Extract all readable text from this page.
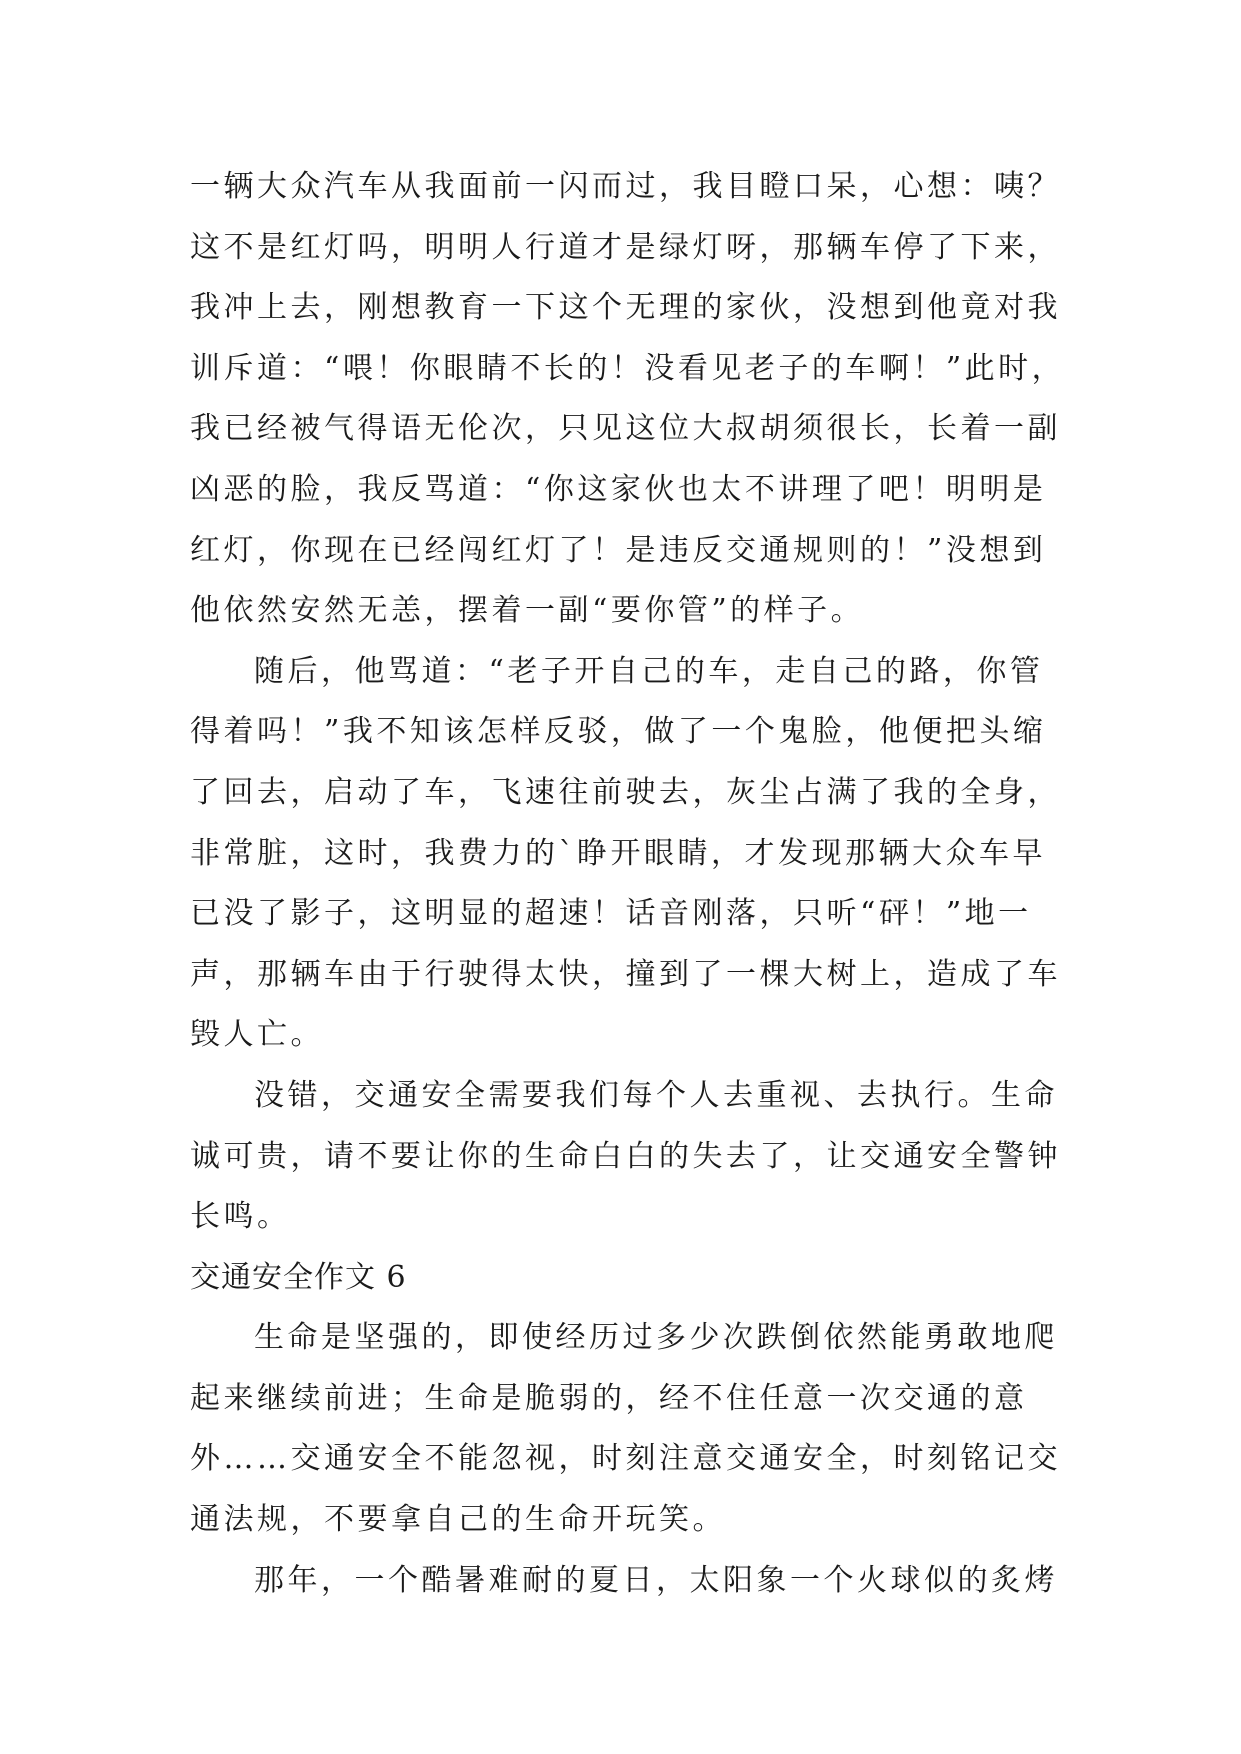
一辆大众汽车从我面前一闪而过，我目瞪口呆，心想：咦？
这不是红灯吗，明明人行道才是绿灯呀，那辆车停了下来，
我冲上去，刚想教育一下这个无理的家伙，没想到他竟对我
训斥道：“喂！你眼睛不长的！没看见老子的车啊！”此时，
我已经被气得语无伦次，只见这位大叔胡须很长，长着一副
凶恶的脸，我反骂道：“你这家伙也太不讲理了吧！明明是
红灯，你现在已经闯红灯了！是违反交通规则的！”没想到
他依然安然无恙，摆着一副“要你管”的样子。
随后，他骂道：“老子开自己的车，走自己的路，你管
得着吗！”我不知该怎样反驳，做了一个鬼脸，他便把头缩
了回去，启动了车，飞速往前驶去，灰尘占满了我的全身，
非常脏，这时，我费力的`睁开眼睛，才发现那辆大众车早
已没了影子，这明显的超速！话音刚落，只听“砰！”地一
声，那辆车由于行驶得太快，撞到了一棵大树上，造成了车
毁人亡。
没错，交通安全需要我们每个人去重视、去执行。生命
诚可贵，请不要让你的生命白白的失去了，让交通安全警钟
长鸣。
交通安全作文 6
生命是坚强的，即使经历过多少次跌倒依然能勇敢地爬
起来继续前进；生命是脆弱的，经不住任意一次交通的意
外……交通安全不能忽视，时刻注意交通安全，时刻铭记交
通法规，不要拿自己的生命开玩笑。
那年，一个酷暑难耐的夏日，太阳象一个火球似的炙烤
